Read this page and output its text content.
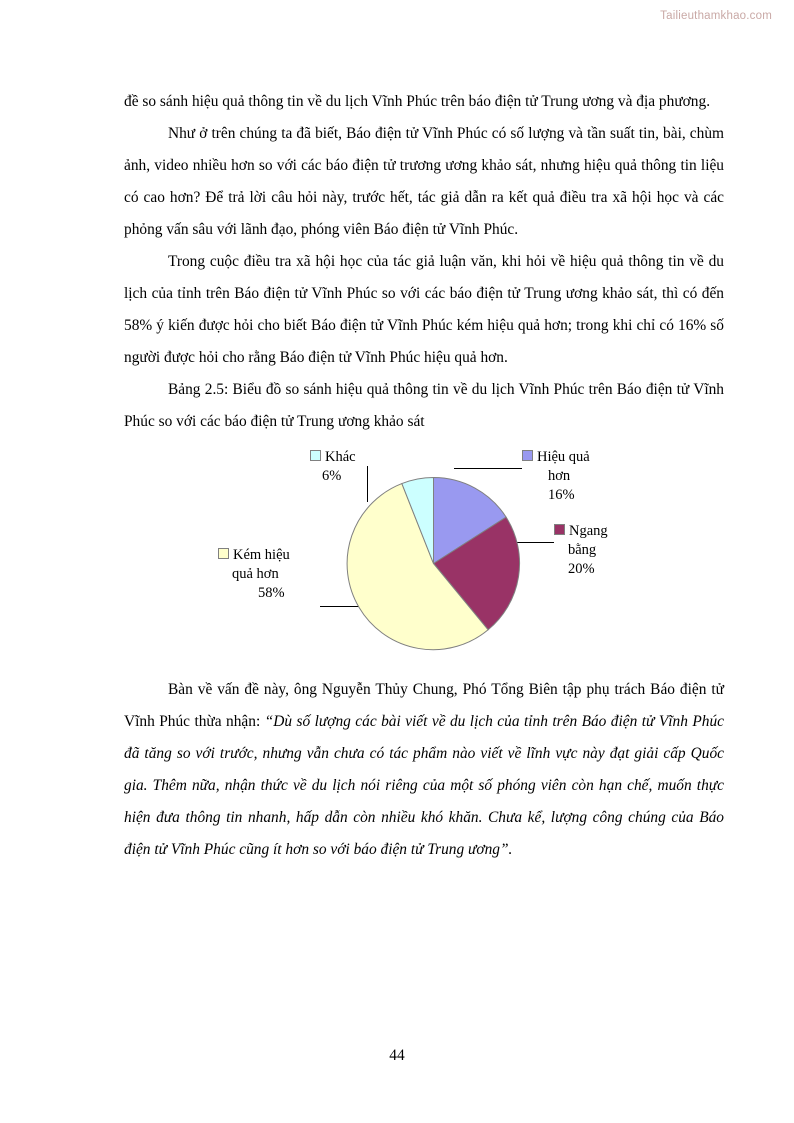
Tailieuthamkhao.com

đề so sánh hiệu quả thông tin về du lịch Vĩnh Phúc trên báo điện tử Trung ương và địa phương.

Như ở trên chúng ta đã biết, Báo điện tử Vĩnh Phúc có số lượng và tần suất tin, bài, chùm ảnh, video nhiều hơn so với các báo điện tử trương ương khảo sát, nhưng hiệu quả thông tin liệu có cao hơn? Để trả lời câu hỏi này, trước hết, tác giả dẫn ra kết quả điều tra xã hội học và các phỏng vấn sâu với lãnh đạo, phóng viên Báo điện tử Vĩnh Phúc.

Trong cuộc điều tra xã hội học của tác giả luận văn, khi hỏi về hiệu quả thông tin về du lịch của tỉnh trên Báo điện tử Vĩnh Phúc so với các báo điện tử Trung ương khảo sát, thì có đến 58% ý kiến được hỏi cho biết Báo điện tử Vĩnh Phúc kém hiệu quả hơn; trong khi chỉ có 16% số người được hỏi cho rằng Báo điện tử Vĩnh Phúc hiệu quả hơn.

Bảng 2.5: Biểu đồ so sánh hiệu quả thông tin về du lịch Vĩnh Phúc trên Báo điện tử Vĩnh Phúc so với các báo điện tử Trung ương khảo sát

Khác
6%
Hiệu quả
hơn
16%
Ngang
bằng
20%
Kém hiệu
quả hơn
58%

Bàn về vấn đề này, ông Nguyễn Thủy Chung, Phó Tổng Biên tập phụ trách Báo điện tử Vĩnh Phúc thừa nhận: “Dù số lượng các bài viết về du lịch của tỉnh trên Báo điện tử Vĩnh Phúc đã tăng so với trước, nhưng vẫn chưa có tác phẩm nào viết về lĩnh vực này đạt giải cấp Quốc gia. Thêm nữa, nhận thức về du lịch nói riêng của một số phóng viên còn hạn chế, muốn thực hiện đưa thông tin nhanh, hấp dẫn còn nhiều khó khăn. Chưa kể, lượng công chúng của Báo điện tử Vĩnh Phúc cũng ít hơn so với báo điện tử Trung ương”.

44
